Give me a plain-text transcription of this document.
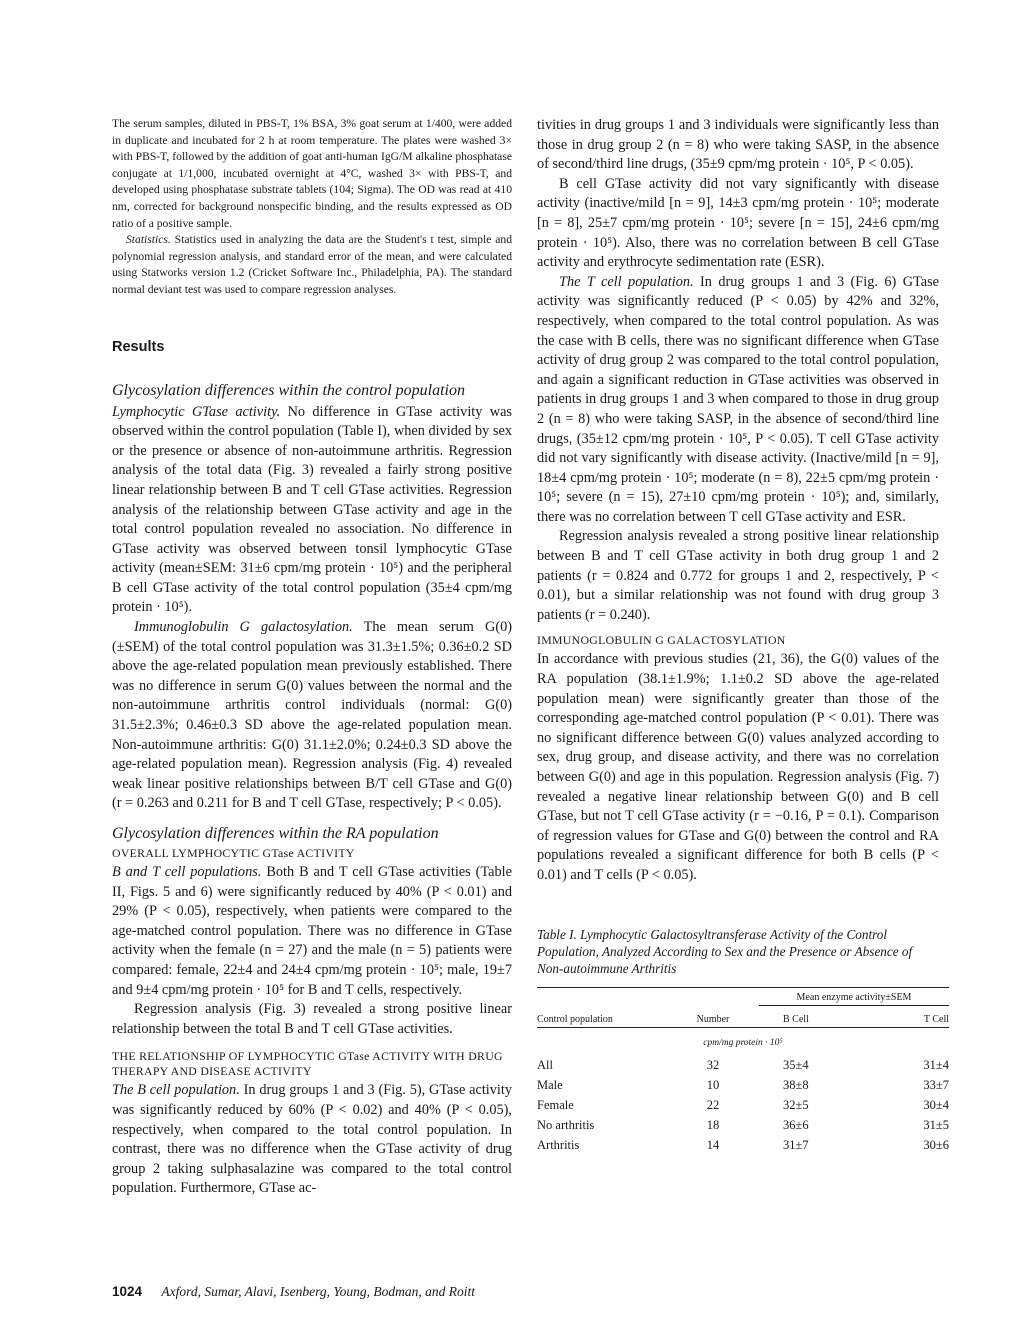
The serum samples, diluted in PBS-T, 1% BSA, 3% goat serum at 1/400, were added in duplicate and incubated for 2 h at room temperature. The plates were washed 3× with PBS-T, followed by the addition of goat anti-human IgG/M alkaline phosphatase conjugate at 1/1,000, incubated overnight at 4°C, washed 3× with PBS-T, and developed using phosphatase substrate tablets (104; Sigma). The OD was read at 410 nm, corrected for background nonspecific binding, and the results expressed as OD ratio of a positive sample.

Statistics. Statistics used in analyzing the data are the Student's t test, simple and polynomial regression analysis, and standard error of the mean, and were calculated using Statworks version 1.2 (Cricket Software Inc., Philadelphia, PA). The standard normal deviant test was used to compare regression analyses.

Results

Glycosylation differences within the control population

Lymphocytic GTase activity. No difference in GTase activity was observed within the control population (Table I), when divided by sex or the presence or absence of non-autoimmune arthritis. Regression analysis of the total data (Fig. 3) revealed a fairly strong positive linear relationship between B and T cell GTase activities. Regression analysis of the relationship between GTase activity and age in the total control population revealed no association. No difference in GTase activity was observed between tonsil lymphocytic GTase activity (mean±SEM: 31±6 cpm/mg protein · 10⁵) and the peripheral B cell GTase activity of the total control population (35±4 cpm/mg protein · 10⁵).

Immunoglobulin G galactosylation. The mean serum G(0) (±SEM) of the total control population was 31.3±1.5%; 0.36±0.2 SD above the age-related population mean previously established. There was no difference in serum G(0) values between the normal and the non-autoimmune arthritis control individuals (normal: G(0) 31.5±2.3%; 0.46±0.3 SD above the age-related population mean. Non-autoimmune arthritis: G(0) 31.1±2.0%; 0.24±0.3 SD above the age-related population mean). Regression analysis (Fig. 4) revealed weak linear positive relationships between B/T cell GTase and G(0) (r = 0.263 and 0.211 for B and T cell GTase, respectively; P < 0.05).

Glycosylation differences within the RA population

OVERALL LYMPHOCYTIC GTase ACTIVITY

B and T cell populations. Both B and T cell GTase activities (Table II, Figs. 5 and 6) were significantly reduced by 40% (P < 0.01) and 29% (P < 0.05), respectively, when patients were compared to the age-matched control population. There was no difference in GTase activity when the female (n = 27) and the male (n = 5) patients were compared: female, 22±4 and 24±4 cpm/mg protein · 10⁵; male, 19±7 and 9±4 cpm/mg protein · 10⁵ for B and T cells, respectively.

Regression analysis (Fig. 3) revealed a strong positive linear relationship between the total B and T cell GTase activities.

THE RELATIONSHIP OF LYMPHOCYTIC GTase ACTIVITY WITH DRUG THERAPY AND DISEASE ACTIVITY

The B cell population. In drug groups 1 and 3 (Fig. 5), GTase activity was significantly reduced by 60% (P < 0.02) and 40% (P < 0.05), respectively, when compared to the total control population. In contrast, there was no difference when the GTase activity of drug group 2 taking sulphasalazine was compared to the total control population. Furthermore, GTase ac-

tivities in drug groups 1 and 3 individuals were significantly less than those in drug group 2 (n = 8) who were taking SASP, in the absence of second/third line drugs, (35±9 cpm/mg protein · 10⁵, P < 0.05).

B cell GTase activity did not vary significantly with disease activity (inactive/mild [n = 9], 14±3 cpm/mg protein · 10⁵; moderate [n = 8], 25±7 cpm/mg protein · 10⁵; severe [n = 15], 24±6 cpm/mg protein · 10⁵). Also, there was no correlation between B cell GTase activity and erythrocyte sedimentation rate (ESR).

The T cell population. In drug groups 1 and 3 (Fig. 6) GTase activity was significantly reduced (P < 0.05) by 42% and 32%, respectively, when compared to the total control population. As was the case with B cells, there was no significant difference when GTase activity of drug group 2 was compared to the total control population, and again a significant reduction in GTase activities was observed in patients in drug groups 1 and 3 when compared to those in drug group 2 (n = 8) who were taking SASP, in the absence of second/third line drugs, (35±12 cpm/mg protein · 10⁵, P < 0.05). T cell GTase activity did not vary significantly with disease activity. (Inactive/mild [n = 9], 18±4 cpm/mg protein · 10⁵; moderate (n = 8), 22±5 cpm/mg protein · 10⁵; severe (n = 15), 27±10 cpm/mg protein · 10⁵); and, similarly, there was no correlation between T cell GTase activity and ESR.

Regression analysis revealed a strong positive linear relationship between B and T cell GTase activity in both drug group 1 and 2 patients (r = 0.824 and 0.772 for groups 1 and 2, respectively, P < 0.01), but a similar relationship was not found with drug group 3 patients (r = 0.240).

IMMUNOGLOBULIN G GALACTOSYLATION

In accordance with previous studies (21, 36), the G(0) values of the RA population (38.1±1.9%; 1.1±0.2 SD above the age-related population mean) were significantly greater than those of the corresponding age-matched control population (P < 0.01). There was no significant difference between G(0) values analyzed according to sex, drug group, and disease activity, and there was no correlation between G(0) and age in this population. Regression analysis (Fig. 7) revealed a negative linear relationship between G(0) and B cell GTase, but not T cell GTase activity (r = −0.16, P = 0.1). Comparison of regression values for GTase and G(0) between the control and RA populations revealed a significant difference for both B cells (P < 0.01) and T cells (P < 0.05).

Table I. Lymphocytic Galactosyltransferase Activity of the Control Population, Analyzed According to Sex and the Presence or Absence of Non-autoimmune Arthritis

Control population	Number	Mean enzyme activity±SEM	
		B Cell	T Cell
cpm/mg protein · 10⁵			
All	32	35±4	31±4
Male	10	38±8	33±7
Female	22	32±5	30±4
No arthritis	18	36±6	31±5
Arthritis	14	31±7	30±6
1024 Axford, Sumar, Alavi, Isenberg, Young, Bodman, and Roitt
